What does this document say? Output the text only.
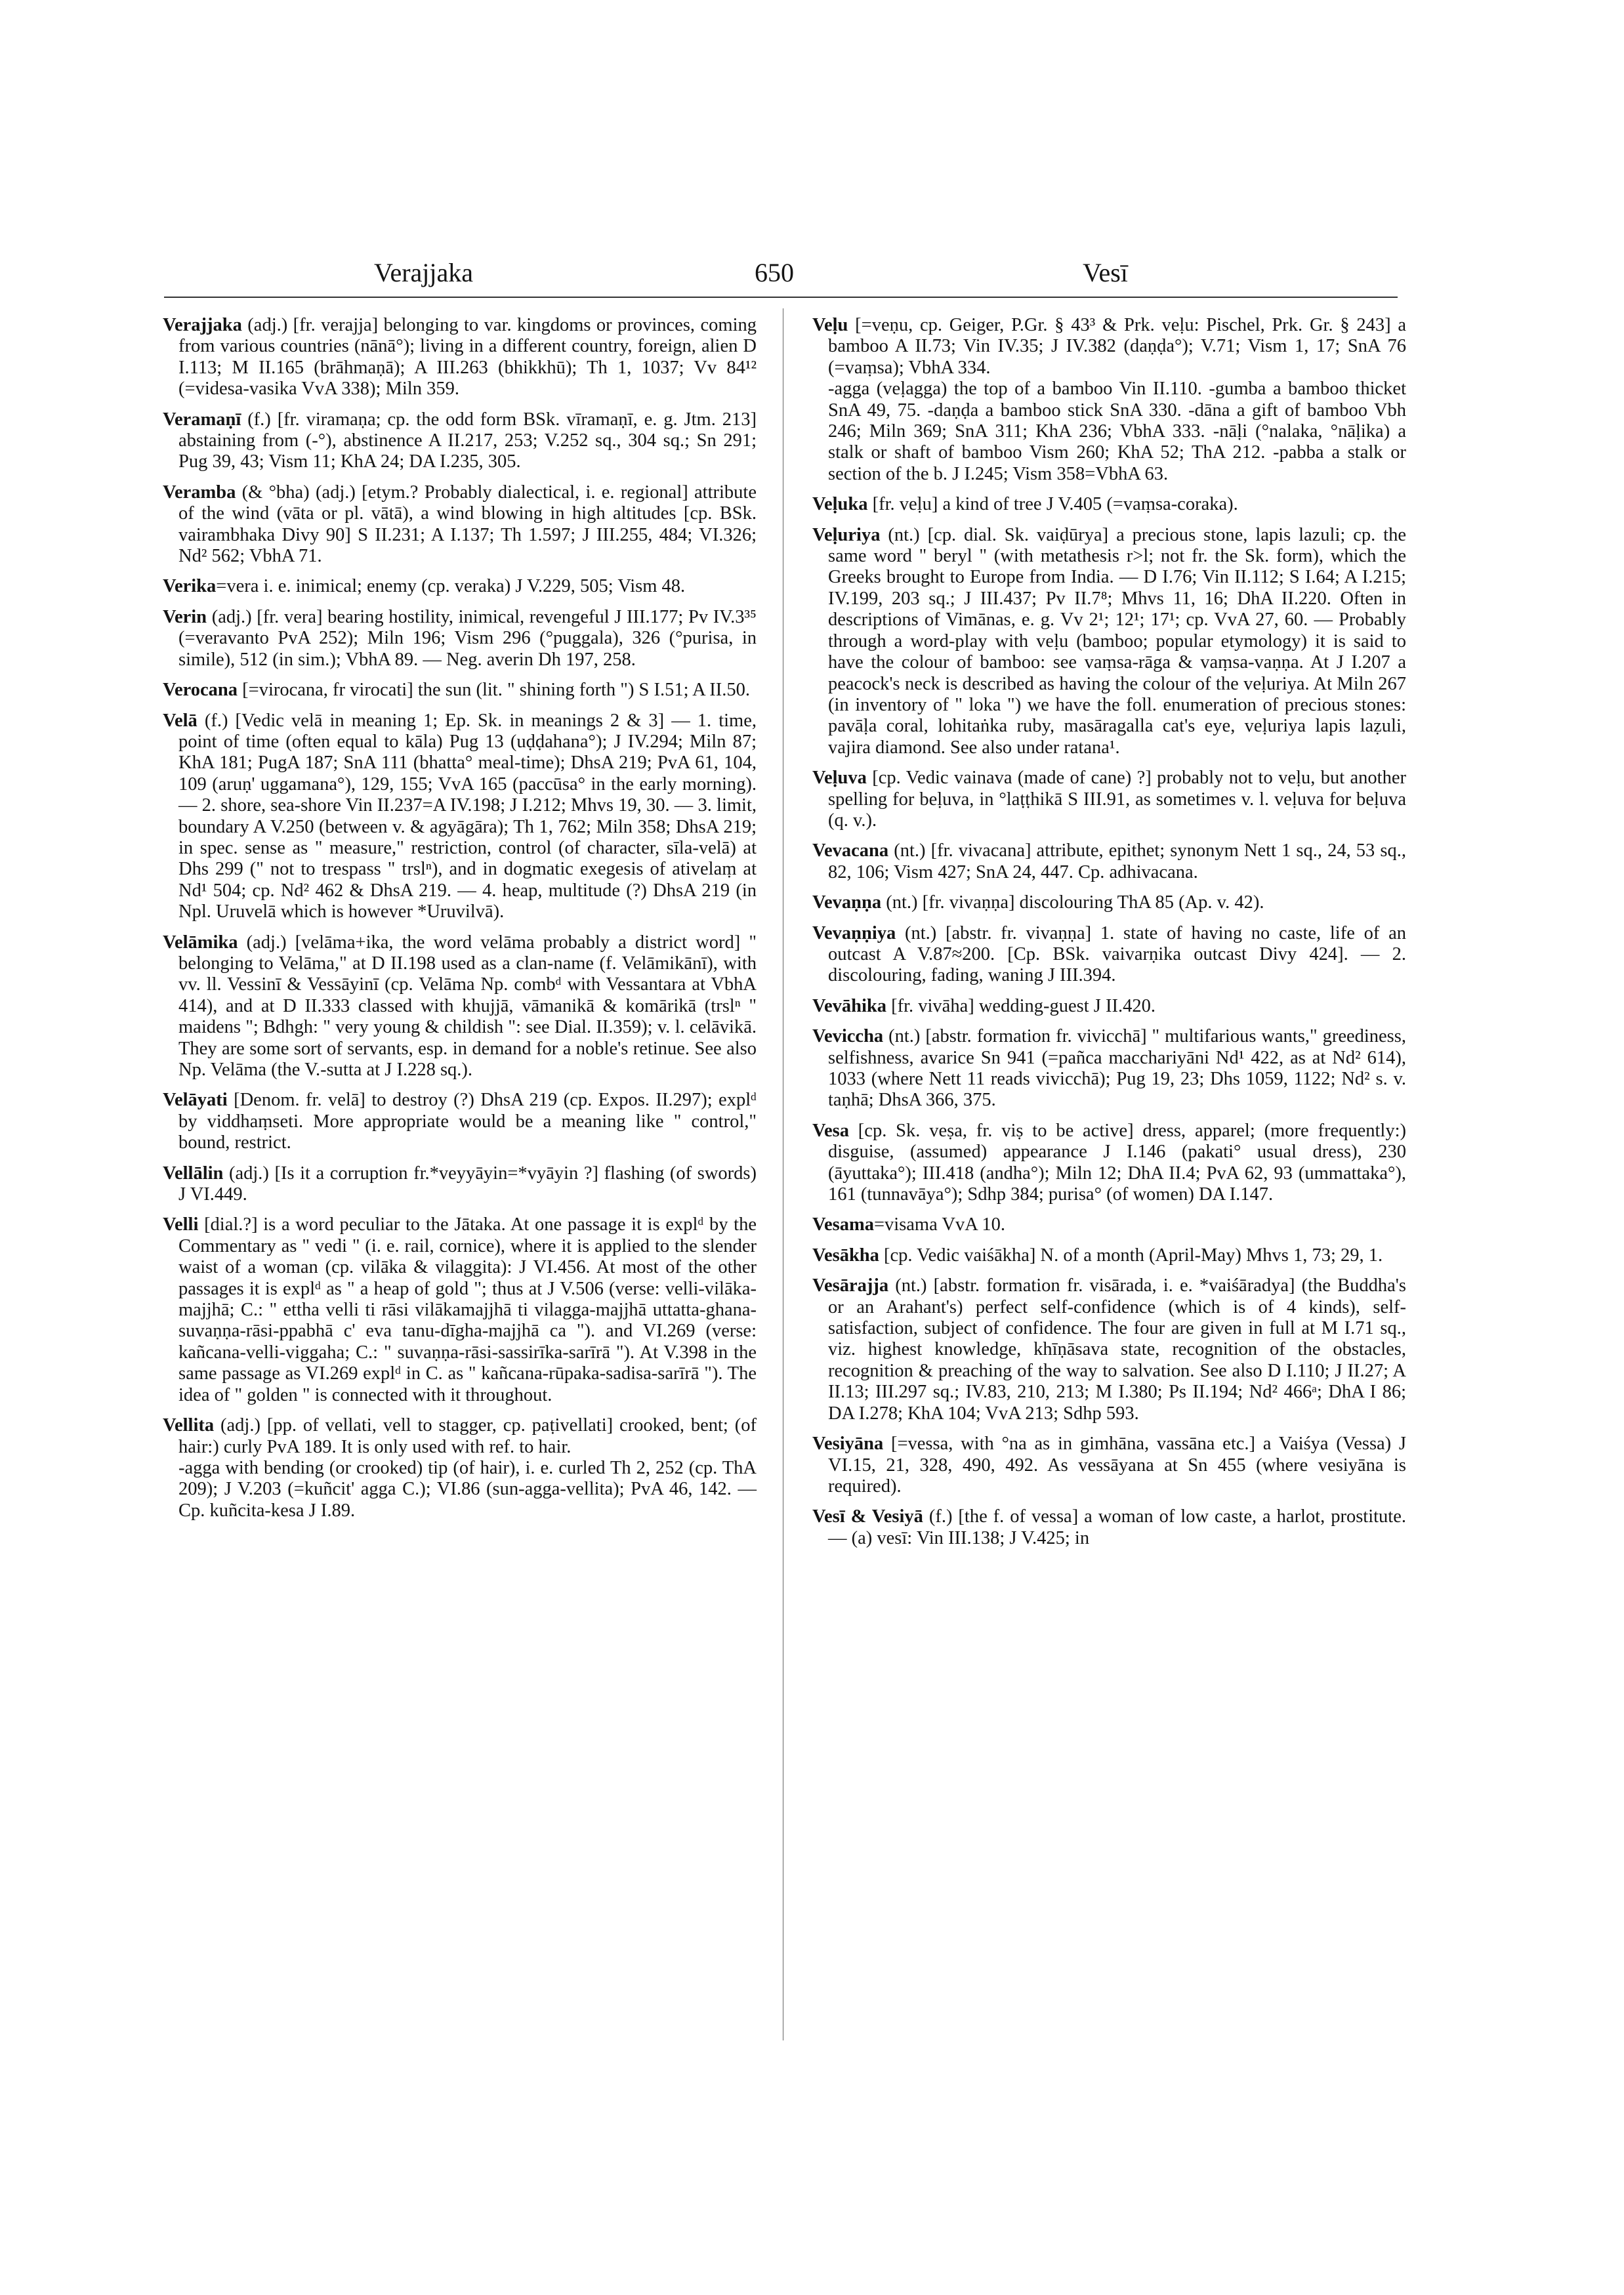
Verajjaka	650	Vesī

Verajjaka (adj.) [fr. verajja] belonging to var. kingdoms or provinces, coming from various countries (nānā°); living in a different country, foreign, alien D I.113; M II.165 (brāhmaṇā); A III.263 (bhikkhū); Th 1, 1037; Vv 84¹² (=videsa-vasika VvA 338); Miln 359.

Veramaṇī (f.) [fr. viramaṇa; cp. the odd form BSk. vīramaṇī, e. g. Jtm. 213] abstaining from (-°), abstinence A II.217, 253; V.252 sq., 304 sq.; Sn 291; Pug 39, 43; Vism 11; KhA 24; DA I.235, 305.

Veramba (& °bha) (adj.) [etym.? Probably dialectical, i. e. regional] attribute of the wind (vāta or pl. vātā), a wind blowing in high altitudes [cp. BSk. vairambhaka Divy 90] S II.231; A I.137; Th 1.597; J III.255, 484; VI.326; Nd² 562; VbhA 71.

Verika=vera i. e. inimical; enemy (cp. veraka) J V.229, 505; Vism 48.

Verin (adj.) [fr. vera] bearing hostility, inimical, revengeful J III.177; Pv IV.3³⁵ (=veravanto PvA 252); Miln 196; Vism 296 (°puggala), 326 (°purisa, in simile), 512 (in sim.); VbhA 89. — Neg. averin Dh 197, 258.

Verocana [=virocana, fr virocati] the sun (lit. " shining forth ") S I.51; A II.50.

Velā (f.) [Vedic velā in meaning 1; Ep. Sk. in meanings 2 & 3] — 1. time, point of time (often equal to kāla) Pug 13 (uḍḍahana°); J IV.294; Miln 87; KhA 181; PugA 187; SnA 111 (bhatta° meal-time); DhsA 219; PvA 61, 104, 109 (aruṇ' uggamana°), 129, 155; VvA 165 (paccūsa° in the early morning). — 2. shore, sea-shore Vin II.237=A IV.198; J I.212; Mhvs 19, 30. — 3. limit, boundary A V.250 (between v. & agyāgāra); Th 1, 762; Miln 358; DhsA 219; in spec. sense as " measure," restriction, control (of character, sīla-velā) at Dhs 299 (" not to trespass " trslⁿ), and in dogmatic exegesis of ativelaṃ at Nd¹ 504; cp. Nd² 462 & DhsA 219. — 4. heap, multitude (?) DhsA 219 (in Npl. Uruvelā which is however *Uruvilvā).

Velāmika (adj.) [velāma+ika, the word velāma probably a district word] " belonging to Velāma," at D II.198 used as a clan-name (f. Velāmikānī), with vv. ll. Vessinī & Vessāyinī (cp. Velāma Np. combᵈ with Vessantara at VbhA 414), and at D II.333 classed with khujjā, vāmanikā & komārikā (trslⁿ " maidens "; Bdhgh: " very young & childish ": see Dial. II.359); v. l. celāvikā. They are some sort of servants, esp. in demand for a noble's retinue. See also Np. Velāma (the V.-sutta at J I.228 sq.).

Velāyati [Denom. fr. velā] to destroy (?) DhsA 219 (cp. Expos. II.297); explᵈ by viddhaṃseti. More appropriate would be a meaning like " control," bound, restrict.

Vellālin (adj.) [Is it a corruption fr.*veyyāyin=*vyāyin ?] flashing (of swords) J VI.449.

Velli [dial.?] is a word peculiar to the Jātaka. At one passage it is explᵈ by the Commentary as " vedi " (i. e. rail, cornice), where it is applied to the slender waist of a woman (cp. vilāka & vilaggita): J VI.456. At most of the other passages it is explᵈ as " a heap of gold "; thus at J V.506 (verse: velli-vilāka-majjhā; C.: " ettha velli ti rāsi vilākamajjhā ti vilagga-majjhā uttatta-ghana-suvaṇṇa-rāsi-ppabhā c' eva tanu-dīgha-majjhā ca "). and VI.269 (verse: kañcana-velli-viggaha; C.: " suvaṇṇa-rāsi-sassirīka-sarīrā "). At V.398 in the same passage as VI.269 explᵈ in C. as " kañcana-rūpaka-sadisa-sarīrā "). The idea of " golden " is connected with it throughout.

Vellita (adj.) [pp. of vellati, vell to stagger, cp. paṭivellati] crooked, bent; (of hair:) curly PvA 189. It is only used with ref. to hair.
-agga with bending (or crooked) tip (of hair), i. e. curled Th 2, 252 (cp. ThA 209); J V.203 (=kuñcit' agga C.); VI.86 (sun-agga-vellita); PvA 46, 142. — Cp. kuñcita-kesa J I.89.

Veḷu [=veṇu, cp. Geiger, P.Gr. § 43³ & Prk. veḷu: Pischel, Prk. Gr. § 243] a bamboo A II.73; Vin IV.35; J IV.382 (daṇḍa°); V.71; Vism 1, 17; SnA 76 (=vaṃsa); VbhA 334.
-agga (veḷagga) the top of a bamboo Vin II.110. -gumba a bamboo thicket SnA 49, 75. -daṇḍa a bamboo stick SnA 330. -dāna a gift of bamboo Vbh 246; Miln 369; SnA 311; KhA 236; VbhA 333. -nāḷi (°nalaka, °nāḷika) a stalk or shaft of bamboo Vism 260; KhA 52; ThA 212. -pabba a stalk or section of the b. J I.245; Vism 358=VbhA 63.

Veḷuka [fr. veḷu] a kind of tree J V.405 (=vaṃsa-coraka).

Veḷuriya (nt.) [cp. dial. Sk. vaiḍūrya] a precious stone, lapis lazuli; cp. the same word " beryl " (with metathesis r>l; not fr. the Sk. form), which the Greeks brought to Europe from India. — D I.76; Vin II.112; S I.64; A I.215; IV.199, 203 sq.; J III.437; Pv II.7⁸; Mhvs 11, 16; DhA II.220. Often in descriptions of Vimānas, e. g. Vv 2¹; 12¹; 17¹; cp. VvA 27, 60. — Probably through a word-play with veḷu (bamboo; popular etymology) it is said to have the colour of bamboo: see vaṃsa-rāga & vaṃsa-vaṇṇa. At J I.207 a peacock's neck is described as having the colour of the veḷuriya. At Miln 267 (in inventory of " loka ") we have the foll. enumeration of precious stones: pavāḷa coral, lohitaṅka ruby, masāragalla cat's eye, veḷuriya lapis laẓuli, vajira diamond. See also under ratana¹.

Veḷuva [cp. Vedic vainava (made of cane) ?] probably not to veḷu, but another spelling for beḷuva, in °laṭṭhikā S III.91, as sometimes v. l. veḷuva for beḷuva (q. v.).

Vevacana (nt.) [fr. vivacana] attribute, epithet; synonym Nett 1 sq., 24, 53 sq., 82, 106; Vism 427; SnA 24, 447. Cp. adhivacana.

Vevaṇṇa (nt.) [fr. vivaṇṇa] discolouring ThA 85 (Ap. v. 42).

Vevaṇṇiya (nt.) [abstr. fr. vivaṇṇa] 1. state of having no caste, life of an outcast A V.87≈200. [Cp. BSk. vaivarṇika outcast Divy 424]. — 2. discolouring, fading, waning J III.394.

Vevāhika [fr. vivāha] wedding-guest J II.420.

Veviccha (nt.) [abstr. formation fr. vivicchā] " multifarious wants," greediness, selfishness, avarice Sn 941 (=pañca macchariyāni Nd¹ 422, as at Nd² 614), 1033 (where Nett 11 reads vivicchā); Pug 19, 23; Dhs 1059, 1122; Nd² s. v. taṇhā; DhsA 366, 375.

Vesa [cp. Sk. veṣa, fr. viṣ to be active] dress, apparel; (more frequently:) disguise, (assumed) appearance J I.146 (pakati° usual dress), 230 (āyuttaka°); III.418 (andha°); Miln 12; DhA II.4; PvA 62, 93 (ummattaka°), 161 (tunnavāya°); Sdhp 384; purisa° (of women) DA I.147.

Vesama=visama VvA 10.

Vesākha [cp. Vedic vaiśākha] N. of a month (April-May) Mhvs 1, 73; 29, 1.

Vesārajja (nt.) [abstr. formation fr. visārada, i. e. *vaiśāradya] (the Buddha's or an Arahant's) perfect self-confidence (which is of 4 kinds), self-satisfaction, subject of confidence. The four are given in full at M I.71 sq., viz. highest knowledge, khīṇāsava state, recognition of the obstacles, recognition & preaching of the way to salvation. See also D I.110; J II.27; A II.13; III.297 sq.; IV.83, 210, 213; M I.380; Ps II.194; Nd² 466ᵃ; DhA I 86; DA I.278; KhA 104; VvA 213; Sdhp 593.

Vesiyāna [=vessa, with °na as in gimhāna, vassāna etc.] a Vaiśya (Vessa) J VI.15, 21, 328, 490, 492. As vessāyana at Sn 455 (where vesiyāna is required).

Vesī & Vesiyā (f.) [the f. of vessa] a woman of low caste, a harlot, prostitute. — (a) vesī: Vin III.138; J V.425; in
